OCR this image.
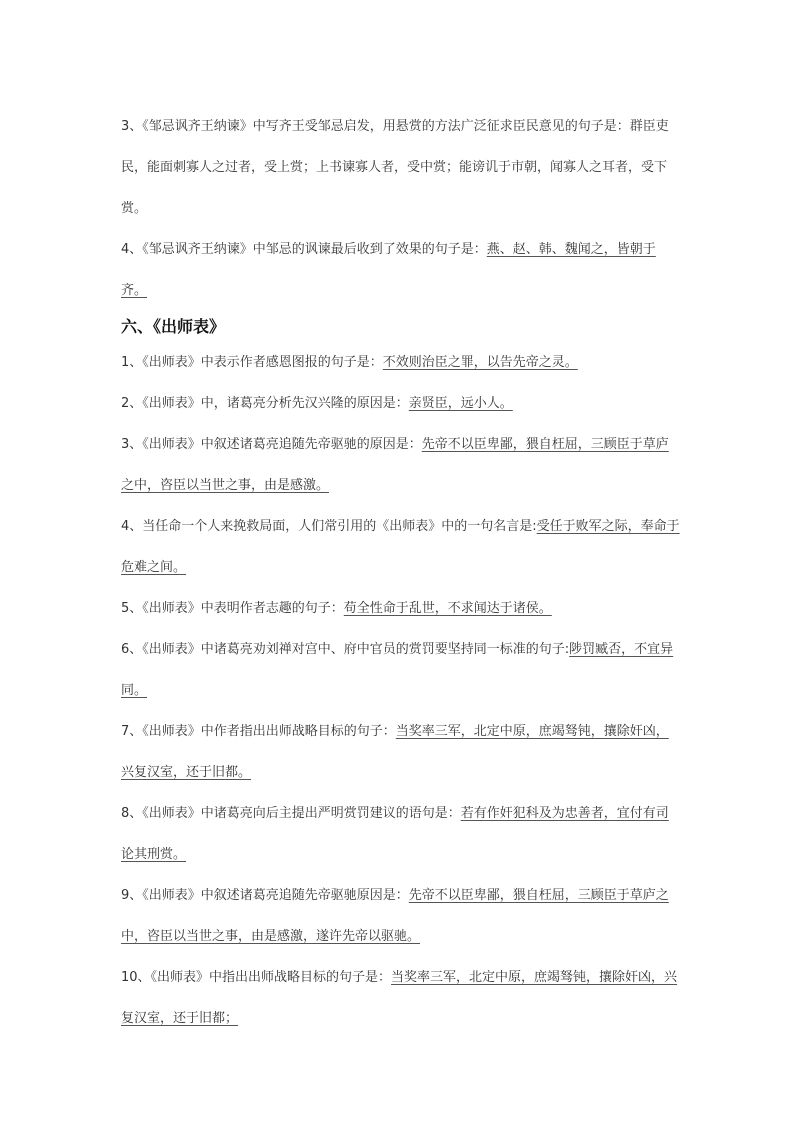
3、《邹忌讽齐王纳谏》中写齐王受邹忌启发，用悬赏的方法广泛征求臣民意见的句子是：群臣吏民，能面刺寡人之过者，受上赏；上书谏寡人者，受中赏；能谤讥于市朝，闻寡人之耳者，受下赏。

4、《邹忌讽齐王纳谏》中邹忌的讽谏最后收到了效果的句子是：燕、赵、韩、魏闻之，皆朝于齐。

六、《出师表》

1、《出师表》中表示作者感恩图报的句子是：不效则治臣之罪，以告先帝之灵。

2、《出师表》中，诸葛亮分析先汉兴隆的原因是：亲贤臣，远小人。

3、《出师表》中叙述诸葛亮追随先帝驱驰的原因是：先帝不以臣卑鄙，猥自枉屈，三顾臣于草庐之中，咨臣以当世之事，由是感激。

4、当任命一个人来挽救局面，人们常引用的《出师表》中的一句名言是:受任于败军之际，奉命于危难之间。

5、《出师表》中表明作者志趣的句子：苟全性命于乱世，不求闻达于诸侯。

6、《出师表》中诸葛亮劝刘禅对宫中、府中官员的赏罚要坚持同一标准的句子:陟罚臧否，不宜异同。

7、《出师表》中作者指出出师战略目标的句子：当奖率三军，北定中原，庶竭驽钝，攘除奸凶，兴复汉室，还于旧都。

8、《出师表》中诸葛亮向后主提出严明赏罚建议的语句是：若有作奸犯科及为忠善者，宜付有司论其刑赏。

9、《出师表》中叙述诸葛亮追随先帝驱驰原因是：先帝不以臣卑鄙，猥自枉屈，三顾臣于草庐之中，咨臣以当世之事，由是感激，遂许先帝以驱驰。

10、《出师表》中指出出师战略目标的句子是：当奖率三军，北定中原，庶竭驽钝，攘除奸凶，兴复汉室，还于旧都；
